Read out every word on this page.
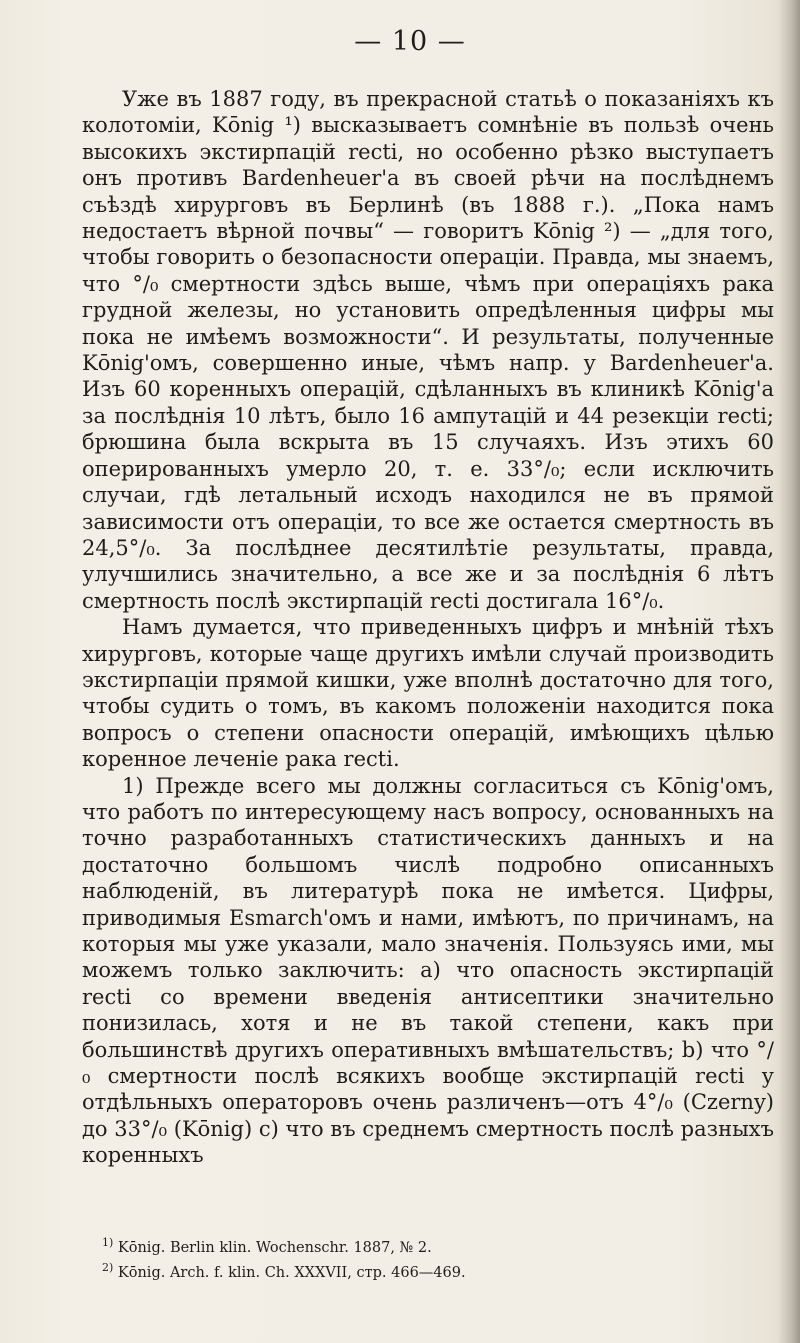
— 10 —

Уже въ 1887 году, въ прекрасной статьѣ о показаніяхъ къ колотоміи, Kōnig ¹) высказываетъ сомнѣніе въ пользѣ очень высокихъ экстирпацій recti, но особенно рѣзко выступаетъ онъ противъ Bardenheuer'а въ своей рѣчи на послѣднемъ съѣздѣ хирурговъ въ Берлинѣ (въ 1888 г.). „Пока намъ недостаетъ вѣрной почвы“ — говоритъ Kōnig ²) — „для того, чтобы говорить о безопасности операціи. Правда, мы знаемъ, что °/₀ смертности здѣсь выше, чѣмъ при операціяхъ рака грудной железы, но установить опредѣленныя цифры мы пока не имѣемъ возможности“. И результаты, полученные Kōnig'омъ, совершенно иные, чѣмъ напр. у Bardenheuer'а. Изъ 60 коренныхъ операцій, сдѣланныхъ въ клиникѣ Kōnig'а за послѣднія 10 лѣтъ, было 16 ампутацій и 44 резекціи recti; брюшина была вскрыта въ 15 случаяхъ. Изъ этихъ 60 оперированныхъ умерло 20, т. е. 33°/₀; если исключить случаи, гдѣ летальный исходъ находился не въ прямой зависимости отъ операціи, то все же остается смертность въ 24,5°/₀. За послѣднее десятилѣтіе результаты, правда, улучшились значительно, а все же и за послѣднія 6 лѣтъ смертность послѣ экстирпацій recti достигала 16°/₀.

Намъ думается, что приведенныхъ цифръ и мнѣній тѣхъ хирурговъ, которые чаще другихъ имѣли случай производить экстирпаціи прямой кишки, уже вполнѣ достаточно для того, чтобы судить о томъ, въ какомъ положеніи находится пока вопросъ о степени опасности операцій, имѣющихъ цѣлью коренное леченіе рака recti.

1) Прежде всего мы должны согласиться съ Kōnig'омъ, что работъ по интересующему насъ вопросу, основанныхъ на точно разработанныхъ статистическихъ данныхъ и на достаточно большомъ числѣ подробно описанныхъ наблюденій, въ литературѣ пока не имѣется. Цифры, приводимыя Esmarch'омъ и нами, имѣютъ, по причинамъ, на которыя мы уже указали, мало значенія. Пользуясь ими, мы можемъ только заключить: a) что опасность экстирпацій recti со времени введенія антисептики значительно понизилась, хотя и не въ такой степени, какъ при большинствѣ другихъ оперативныхъ вмѣшательствъ; b) что °/₀ смертности послѣ всякихъ вообще экстирпацій recti у отдѣльныхъ операторовъ очень различенъ—отъ 4°/₀ (Czerny) до 33°/₀ (Kōnig) c) что въ среднемъ смертность послѣ разныхъ коренныхъ

$^{1)}$ Kōnig. Berlin klin. Wochenschr. 1887, № 2.
$^{2)}$ Kōnig. Arch. f. klin. Ch. XXXVII, стр. 466—469.
